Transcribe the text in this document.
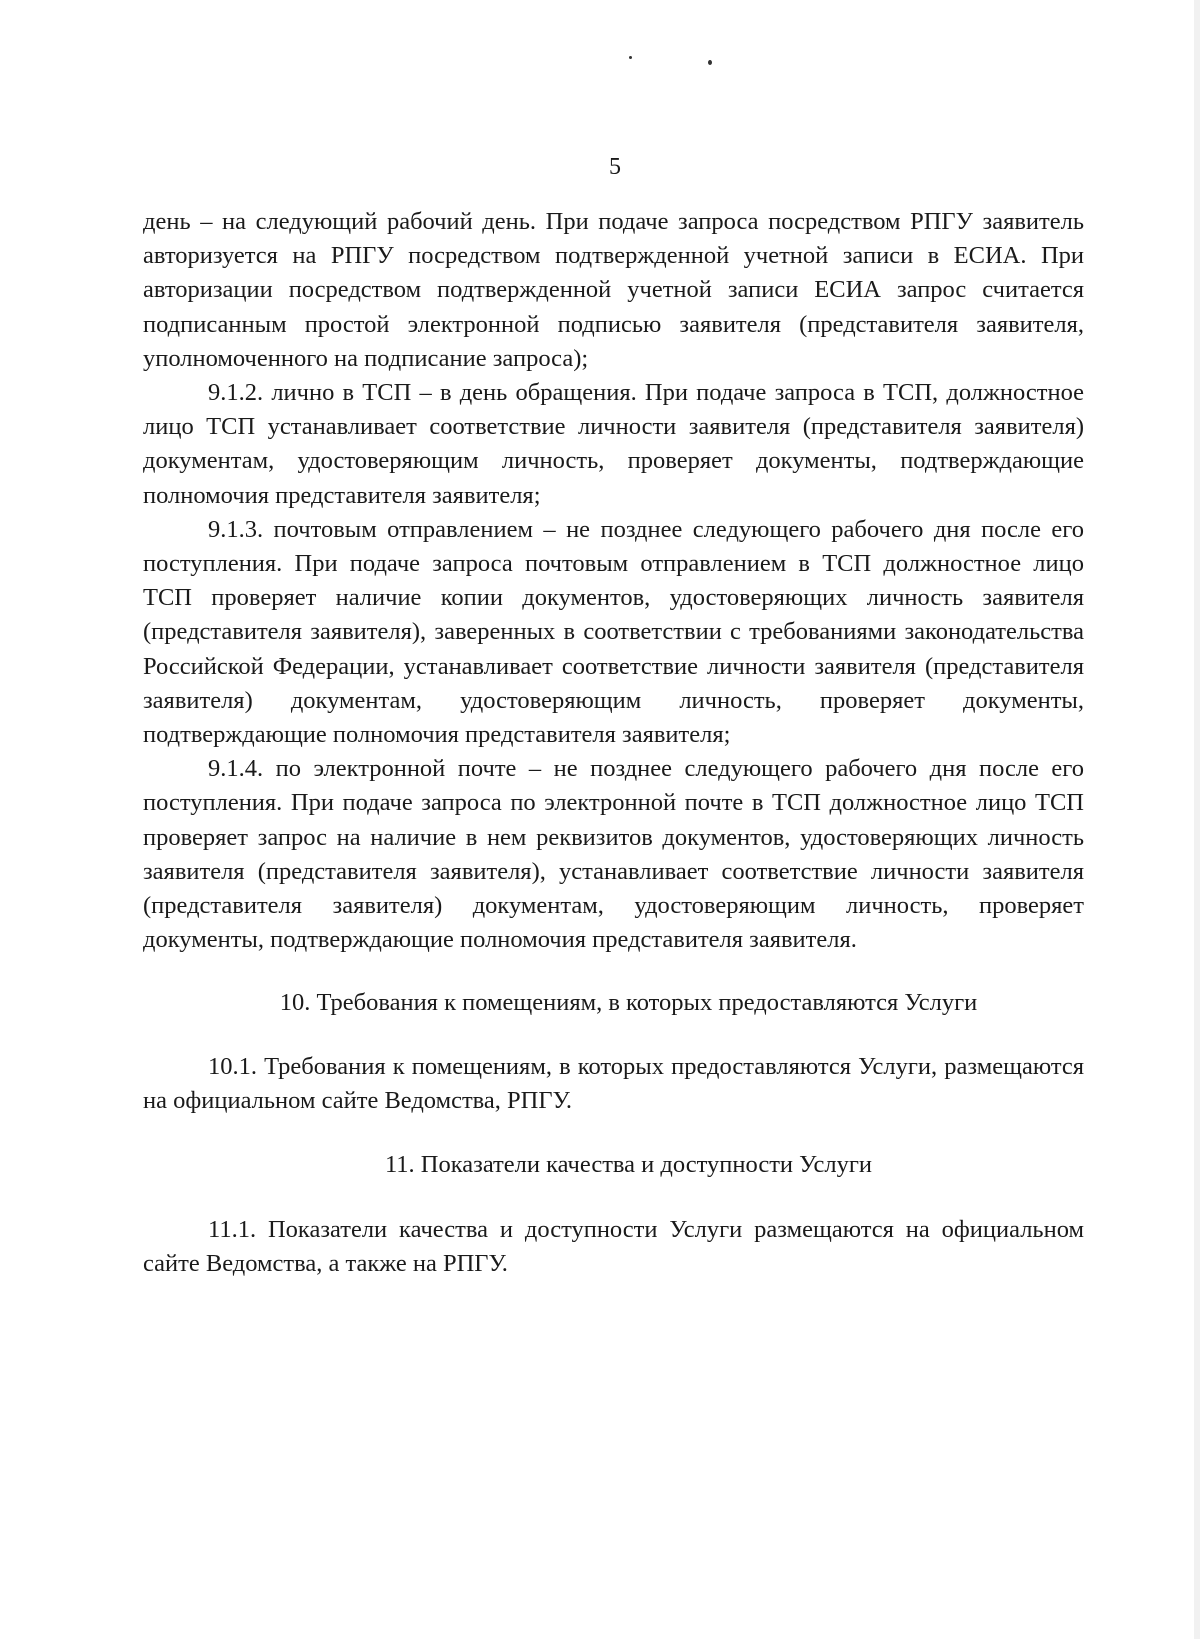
5

день – на следующий рабочий день. При подаче запроса посредством РПГУ заявитель авторизуется на РПГУ посредством подтвержденной учетной записи в ЕСИА. При авторизации посредством подтвержденной учетной записи ЕСИА запрос считается подписанным простой электронной подписью заявителя (представителя заявителя, уполномоченного на подписание запроса);

9.1.2. лично в ТСП – в день обращения. При подаче запроса в ТСП, должностное лицо ТСП устанавливает соответствие личности заявителя (представителя заявителя) документам, удостоверяющим личность, проверяет документы, подтверждающие полномочия представителя заявителя;

9.1.3. почтовым отправлением – не позднее следующего рабочего дня после его поступления. При подаче запроса почтовым отправлением в ТСП должностное лицо ТСП проверяет наличие копии документов, удостоверяющих личность заявителя (представителя заявителя), заверенных в соответствии с требованиями законодательства Российской Федерации, устанавливает соответствие личности заявителя (представителя заявителя) документам, удостоверяющим личность, проверяет документы, подтверждающие полномочия представителя заявителя;

9.1.4. по электронной почте – не позднее следующего рабочего дня после его поступления. При подаче запроса по электронной почте в ТСП должностное лицо ТСП проверяет запрос на наличие в нем реквизитов документов, удостоверяющих личность заявителя (представителя заявителя), устанавливает соответствие личности заявителя (представителя заявителя) документам, удостоверяющим личность, проверяет документы, подтверждающие полномочия представителя заявителя.

10. Требования к помещениям, в которых предоставляются Услуги

10.1. Требования к помещениям, в которых предоставляются Услуги, размещаются на официальном сайте Ведомства, РПГУ.

11. Показатели качества и доступности Услуги

11.1. Показатели качества и доступности Услуги размещаются на официальном сайте Ведомства, а также на РПГУ.
